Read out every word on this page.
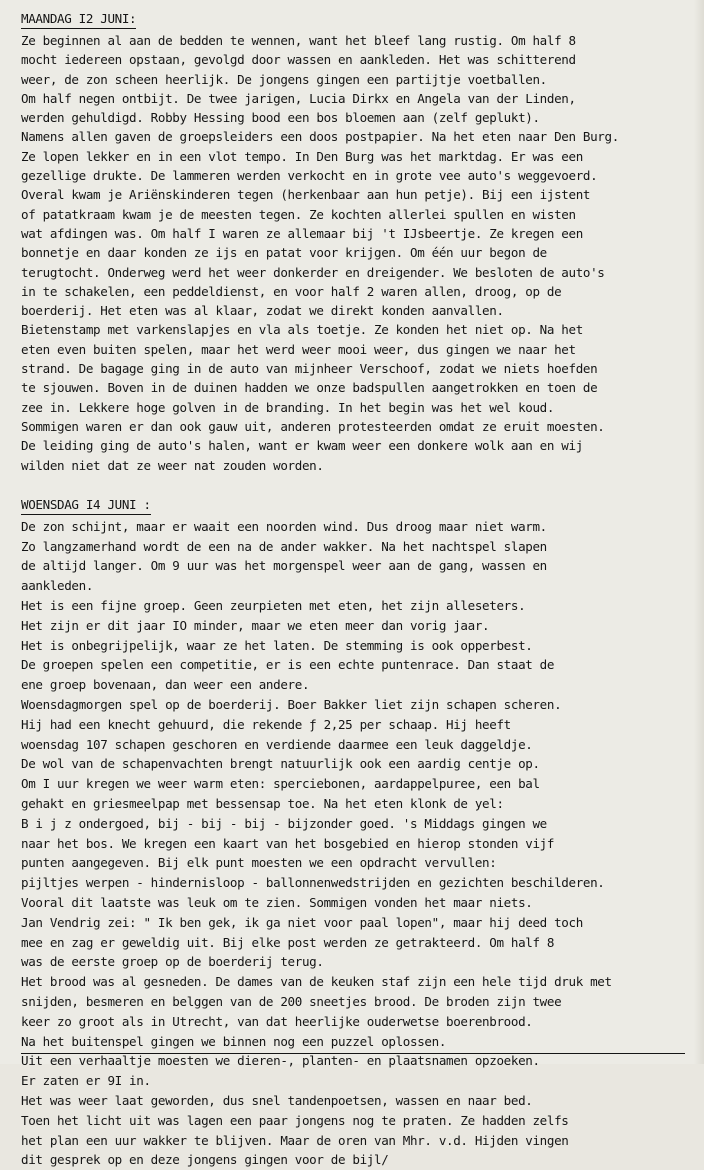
MAANDAG I2 JUNI:
Ze beginnen al aan de bedden te wennen, want het bleef lang rustig. Om half 8
mocht iedereen opstaan, gevolgd door wassen en aankleden. Het was schitterend
weer, de zon scheen heerlijk. De jongens gingen een partijtje voetballen.
Om half negen ontbijt. De twee jarigen, Lucia Dirkx en Angela van der Linden,
werden gehuldigd. Robby Hessing bood een bos bloemen aan (zelf geplukt).
Namens allen gaven de groepsleiders een doos postpapier. Na het eten naar Den Burg.
Ze lopen lekker en in een vlot tempo. In Den Burg was het marktdag. Er was een
gezellige drukte. De lammeren werden verkocht en in grote vee auto's weggevoerd.
Overal kwam je Ariënskinderen tegen (herkenbaar aan hun petje). Bij een ijstent
of patatkraam kwam je de meesten tegen. Ze kochten allerlei spullen en wisten
wat afdingen was. Om half I waren ze allemaar bij 't IJsbeertje. Ze kregen een
bonnetje en daar konden ze ijs en patat voor krijgen. Om één uur begon de
terugtocht. Onderweg werd het weer donkerder en dreigender. We besloten de auto's
in te schakelen, een peddeldienst, en voor half 2 waren allen, droog, op de
boerderij. Het eten was al klaar, zodat we direkt konden aanvallen.
Bietenstamp met varkenslapjes en vla als toetje. Ze konden het niet op. Na het
eten even buiten spelen, maar het werd weer mooi weer, dus gingen we naar het
strand. De bagage ging in de auto van mijnheer Verschoof, zodat we niets hoefden
te sjouwen. Boven in de duinen hadden we onze badspullen aangetrokken en toen de
zee in. Lekkere hoge golven in de branding. In het begin was het wel koud.
Sommigen waren er dan ook gauw uit, anderen protesteerden omdat ze eruit moesten.
De leiding ging de auto's halen, want er kwam weer een donkere wolk aan en wij
wilden niet dat ze weer nat zouden worden.
WOENSDAG I4 JUNI :
De zon schijnt, maar er waait een noorden wind. Dus droog maar niet warm.
Zo langzamerhand wordt de een na de ander wakker. Na het nachtspel slapen
de altijd langer. Om 9 uur was het morgenspel weer aan de gang, wassen en
aankleden.
Het is een fijne groep. Geen zeurpieten met eten, het zijn alleseters.
Het zijn er dit jaar IO minder, maar we eten meer dan vorig jaar.
Het is onbegrijpelijk, waar ze het laten. De stemming is ook opperbest.
De groepen spelen een competitie, er is een echte puntenrace. Dan staat de
ene groep bovenaan, dan weer een andere.
Woensdagmorgen spel op de boerderij. Boer Bakker liet zijn schapen scheren.
Hij had een knecht gehuurd, die rekende ƒ 2,25 per schaap. Hij heeft
woensdag 107 schapen geschoren en verdiende daarmee een leuk daggeldje.
De wol van de schapenvachten brengt natuurlijk ook een aardig centje op.
Om I uur kregen we weer warm eten: sperciebonen, aardappelpuree, een bal
gehakt en griesmeelpap met bessensap toe. Na het eten klonk de yel:
B i j z ondergoed, bij - bij - bij - bijzonder goed. 's Middags gingen we
naar het bos. We kregen een kaart van het bosgebied en hierop stonden vijf
punten aangegeven. Bij elk punt moesten we een opdracht vervullen:
pijltjes werpen - hindernisloop - ballonnenwedstrijden en gezichten beschilderen.
Vooral dit laatste was leuk om te zien. Sommigen vonden het maar niets.
Jan Vendrig zei: " Ik ben gek, ik ga niet voor paal lopen", maar hij deed toch
mee en zag er geweldig uit. Bij elke post werden ze getrakteerd. Om half 8
was de eerste groep op de boerderij terug.
Het brood was al gesneden. De dames van de keuken staf zijn een hele tijd druk met
snijden, besmeren en belggen van de 200 sneetjes brood. De broden zijn twee
keer zo groot als in Utrecht, van dat heerlijke ouderwetse boerenbrood.
Na het buitenspel gingen we binnen nog een puzzel oplossen.
Uit een verhaaltje moesten we dieren-, planten- en plaatsnamen opzoeken.
Er zaten er 9I in.
Het was weer laat geworden, dus snel tandenpoetsen, wassen en naar bed.
Toen het licht uit was lagen een paar jongens nog te praten. Ze hadden zelfs
het plan een uur wakker te blijven. Maar de oren van Mhr. v.d. Hijden vingen
dit gesprek op en deze jongens gingen voor de bijl/
